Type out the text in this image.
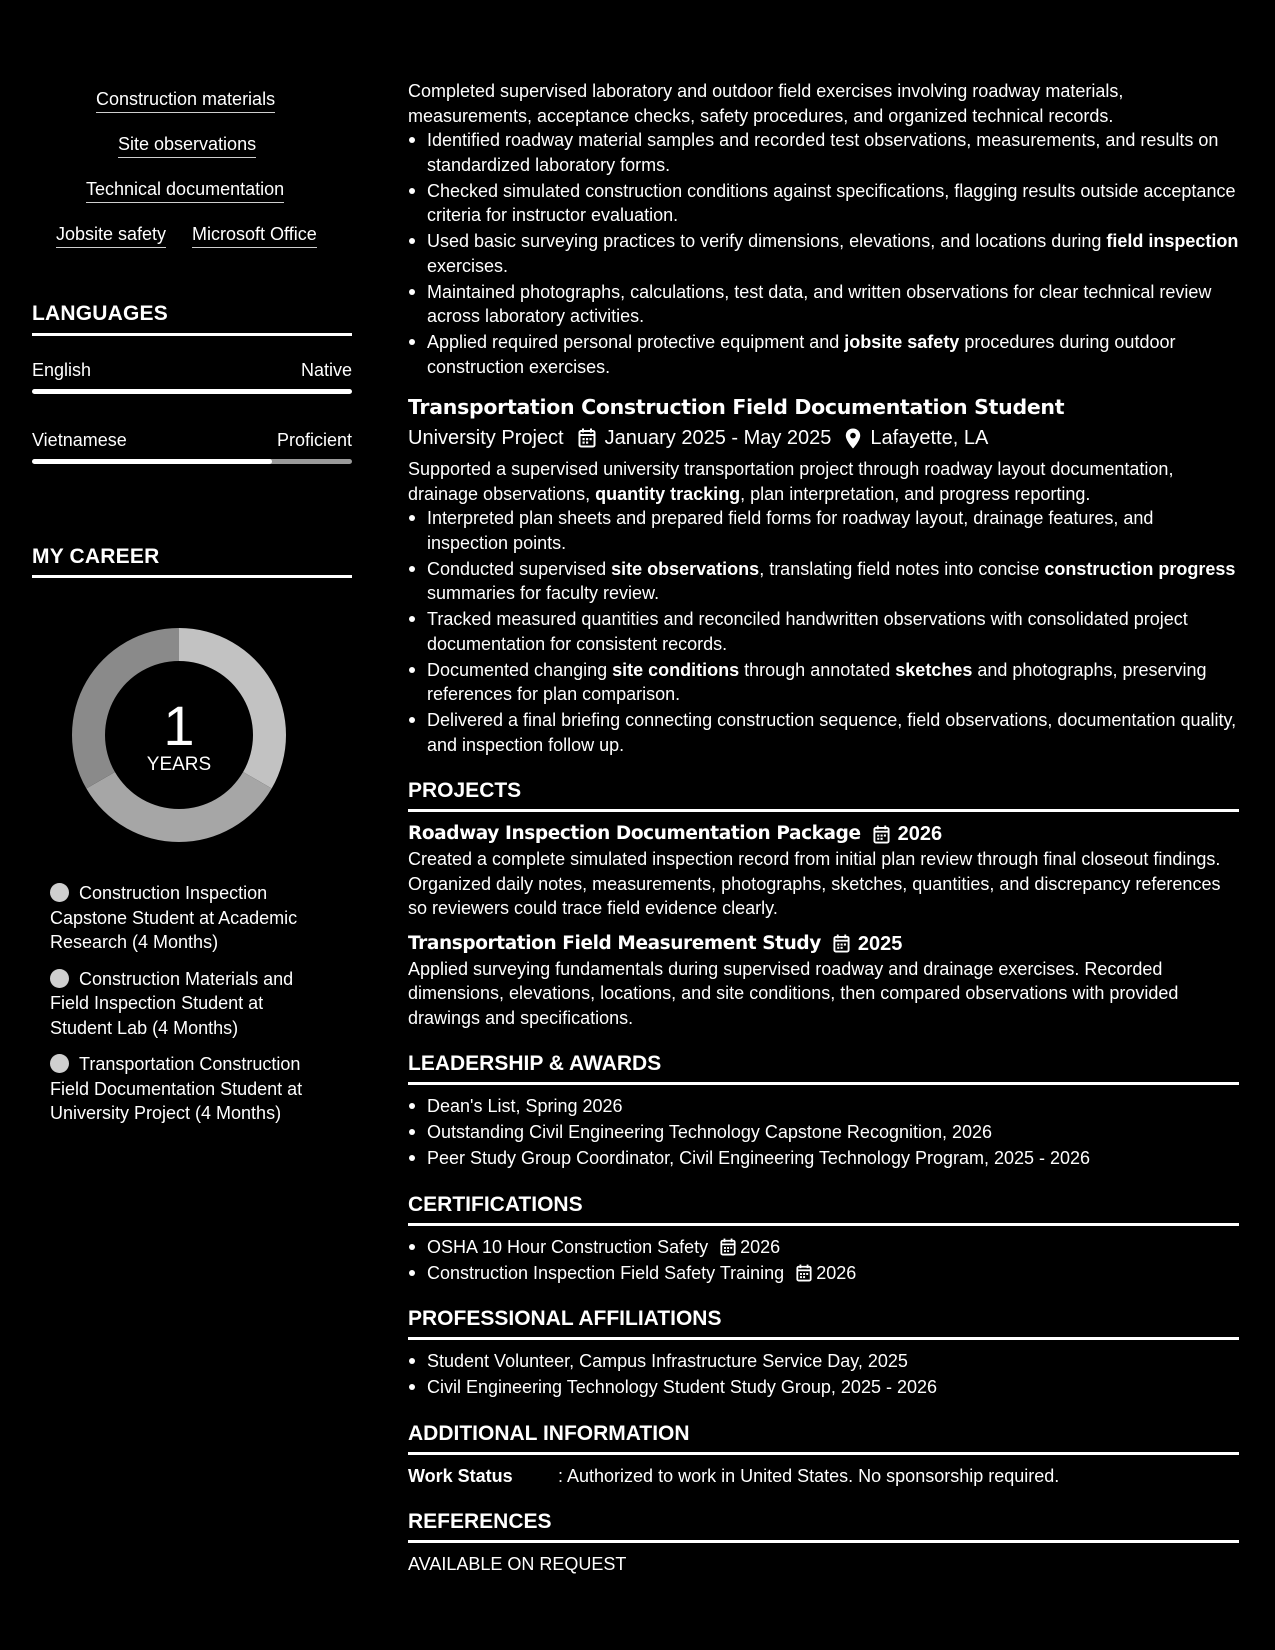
Construction materials
Site observations
Technical documentation
Jobsite safety Microsoft Office
LANGUAGES
English	Native
Vietnamese	Proficient
MY CAREER
1
YEARS
Construction Inspection Capstone Student at Academic Research (4 Months)
Construction Materials and Field Inspection Student at Student Lab (4 Months)
Transportation Construction Field Documentation Student at University Project (4 Months)

Completed supervised laboratory and outdoor field exercises involving roadway materials, measurements, acceptance checks, safety procedures, and organized technical records.

Identified roadway material samples and recorded test observations, measurements, and results on standardized laboratory forms.
Checked simulated construction conditions against specifications, flagging results outside acceptance criteria for instructor evaluation.
Used basic surveying practices to verify dimensions, elevations, and locations during field inspection exercises.
Maintained photographs, calculations, test data, and written observations for clear technical review across laboratory activities.
Applied required personal protective equipment and jobsite safety procedures during outdoor construction exercises.
Transportation Construction Field Documentation Student
University Project January 2025 - May 2025 Lafayette, LA

Supported a supervised university transportation project through roadway layout documentation, drainage observations, quantity tracking, plan interpretation, and progress reporting.

Interpreted plan sheets and prepared field forms for roadway layout, drainage features, and inspection points.
Conducted supervised site observations, translating field notes into concise construction progress summaries for faculty review.
Tracked measured quantities and reconciled handwritten observations with consolidated project documentation for consistent records.
Documented changing site conditions through annotated sketches and photographs, preserving references for plan comparison.
Delivered a final briefing connecting construction sequence, field observations, documentation quality, and inspection follow up.
PROJECTS
Roadway Inspection Documentation Package 2026

Created a complete simulated inspection record from initial plan review through final closeout findings. Organized daily notes, measurements, photographs, sketches, quantities, and discrepancy references so reviewers could trace field evidence clearly.

Transportation Field Measurement Study 2025

Applied surveying fundamentals during supervised roadway and drainage exercises. Recorded dimensions, elevations, locations, and site conditions, then compared observations with provided drawings and specifications.

LEADERSHIP & AWARDS
Dean's List, Spring 2026
Outstanding Civil Engineering Technology Capstone Recognition, 2026
Peer Study Group Coordinator, Civil Engineering Technology Program, 2025 - 2026
CERTIFICATIONS
OSHA 10 Hour Construction Safety 2026
Construction Inspection Field Safety Training 2026
PROFESSIONAL AFFILIATIONS
Student Volunteer, Campus Infrastructure Service Day, 2025
Civil Engineering Technology Student Study Group, 2025 - 2026
ADDITIONAL INFORMATION
Work Status	: Authorized to work in United States. No sponsorship required.
REFERENCES
AVAILABLE ON REQUEST
